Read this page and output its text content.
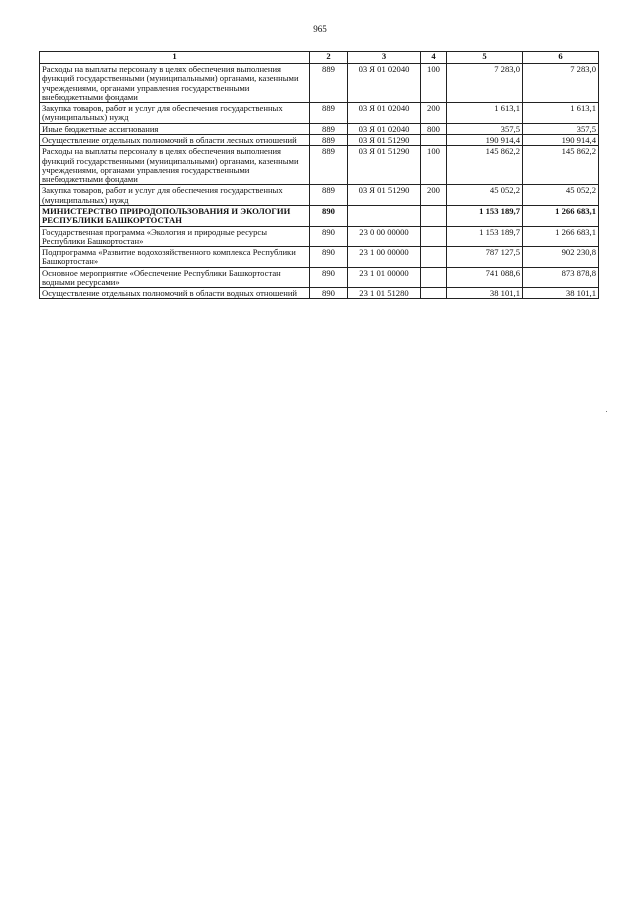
965
1	2	3	4	5	6
Расходы на выплаты персоналу в целях обеспечения выполнения функций государственными (муниципальными) органами, казенными учреждениями, органами управления государственными внебюджетными фондами	889	03 Я 01 02040	100	7 283,0	7 283,0
Закупка товаров, работ и услуг для обеспечения государственных (муниципальных) нужд	889	03 Я 01 02040	200	1 613,1	1 613,1
Иные бюджетные ассигнования	889	03 Я 01 02040	800	357,5	357,5
Осуществление отдельных полномочий в области лесных отношений	889	03 Я 01 51290		190 914,4	190 914,4
Расходы на выплаты персоналу в целях обеспечения выполнения функций государственными (муниципальными) органами, казенными учреждениями, органами управления государственными внебюджетными фондами	889	03 Я 01 51290	100	145 862,2	145 862,2
Закупка товаров, работ и услуг для обеспечения государственных (муниципальных) нужд	889	03 Я 01 51290	200	45 052,2	45 052,2
МИНИСТЕРСТВО ПРИРОДОПОЛЬЗОВАНИЯ И ЭКОЛОГИИ РЕСПУБЛИКИ БАШКОРТОСТАН	890			1 153 189,7	1 266 683,1
Государственная программа «Экология и природные ресурсы Республики Башкортостан»	890	23 0 00 00000		1 153 189,7	1 266 683,1
Подпрограмма «Развитие водохозяйственного комплекса Республики Башкортостан»	890	23 1 00 00000		787 127,5	902 230,8
Основное мероприятие «Обеспечение Республики Башкортостан водными ресурсами»	890	23 1 01 00000		741 088,6	873 878,8
Осуществление отдельных полномочий в области водных отношений	890	23 1 01 51280		38 101,1	38 101,1
